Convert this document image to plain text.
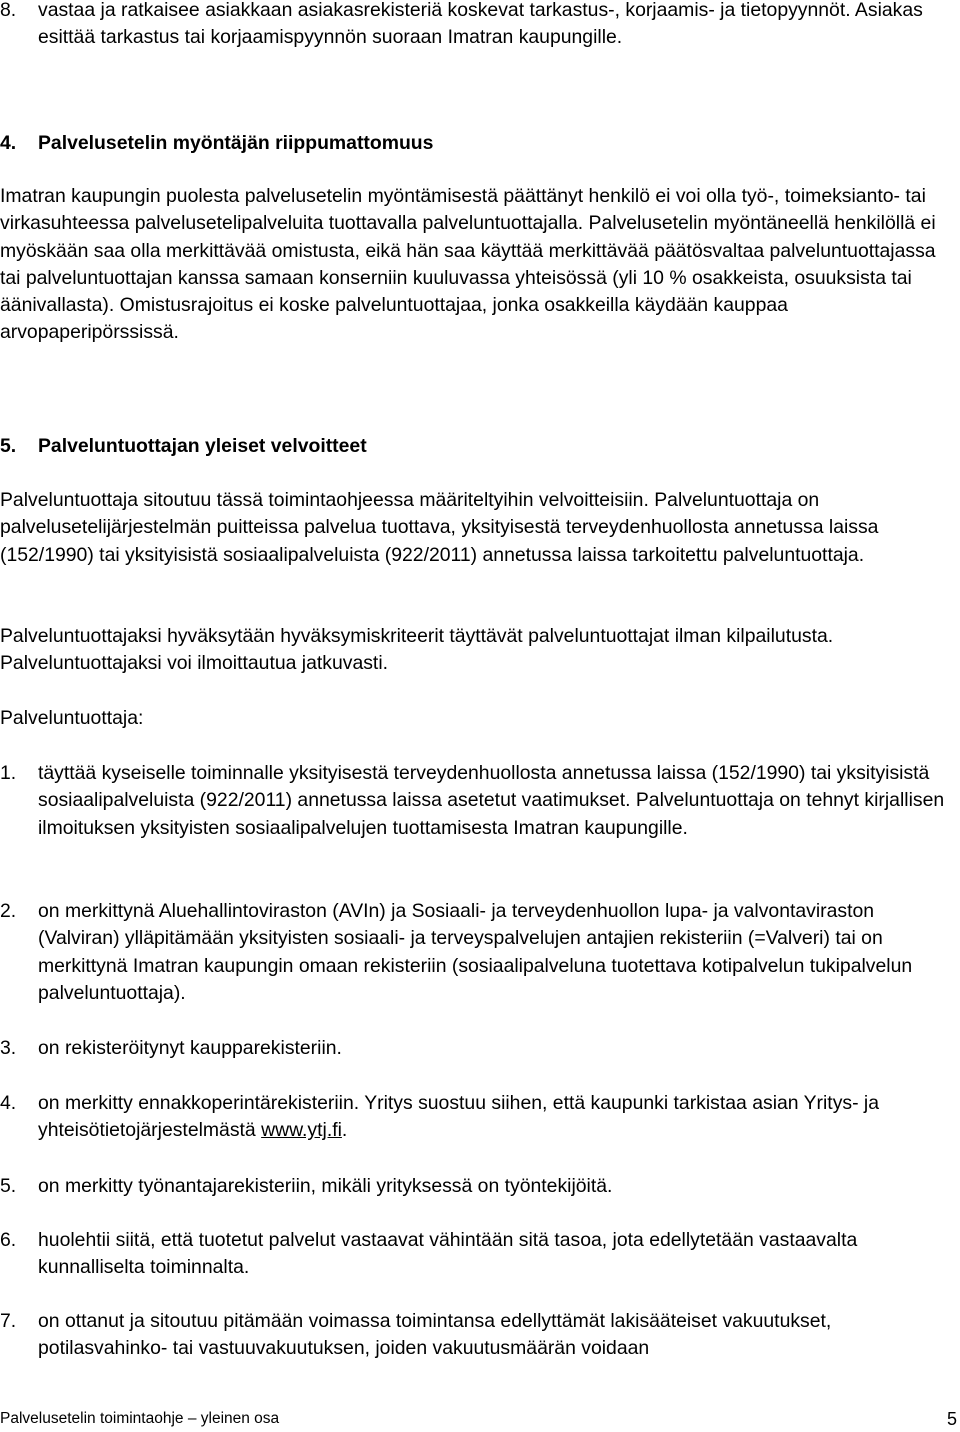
8. vastaa ja ratkaisee asiakkaan asiakasrekisteriä koskevat tarkastus-, korjaamis- ja tietopyynnöt. Asiakas esittää tarkastus tai korjaamispyynnön suoraan Imatran kaupungille.
4. Palvelusetelin myöntäjän riippumattomuus

Imatran kaupungin puolesta palvelusetelin myöntämisestä päättänyt henkilö ei voi olla työ-, toimeksianto- tai virkasuhteessa palvelusetelipalveluita tuottavalla palveluntuottajalla. Palvelusetelin myöntäneellä henkilöllä ei myöskään saa olla merkittävää omistusta, eikä hän saa käyttää merkittävää päätösvaltaa palveluntuottajassa tai palveluntuottajan kanssa samaan konserniin kuuluvassa yhteisössä (yli 10 % osakkeista, osuuksista tai äänivallasta). Omistusrajoitus ei koske palveluntuottajaa, jonka osakkeilla käydään kauppaa arvopaperipörssissä.

5. Palveluntuottajan yleiset velvoitteet

Palveluntuottaja sitoutuu tässä toimintaohjeessa määriteltyihin velvoitteisiin. Palveluntuottaja on palvelusetelijärjestelmän puitteissa palvelua tuottava, yksityisestä terveydenhuollosta annetussa laissa (152/1990) tai yksityisistä sosiaalipalveluista (922/2011) annetussa laissa tarkoitettu palveluntuottaja.

Palveluntuottajaksi hyväksytään hyväksymiskriteerit täyttävät palveluntuottajat ilman kilpailutusta. Palveluntuottajaksi voi ilmoittautua jatkuvasti.

Palveluntuottaja:
1. täyttää kyseiselle toiminnalle yksityisestä terveydenhuollosta annetussa laissa (152/1990) tai yksityisistä sosiaalipalveluista (922/2011) annetussa laissa asetetut vaatimukset. Palveluntuottaja on tehnyt kirjallisen ilmoituksen yksityisten sosiaalipalvelujen tuottamisesta Imatran kaupungille.
2. on merkittynä Aluehallintoviraston (AVIn) ja Sosiaali- ja terveydenhuollon lupa- ja valvontaviraston (Valviran) ylläpitämään yksityisten sosiaali- ja terveyspalvelujen antajien rekisteriin (=Valveri) tai on merkittynä Imatran kaupungin omaan rekisteriin (sosiaalipalveluna tuotettava kotipalvelun tukipalvelun palveluntuottaja).
3. on rekisteröitynyt kaupparekisteriin.
4. on merkitty ennakkoperintärekisteriin. Yritys suostuu siihen, että kaupunki tarkistaa asian Yritys- ja yhteisötietojärjestelmästä www.ytj.fi.
5. on merkitty työnantajarekisteriin, mikäli yrityksessä on työntekijöitä.
6. huolehtii siitä, että tuotetut palvelut vastaavat vähintään sitä tasoa, jota edellytetään vastaavalta kunnalliselta toiminnalta.
7. on ottanut ja sitoutuu pitämään voimassa toimintansa edellyttämät lakisääteiset vakuutukset, potilasvahinko- tai vastuuvakuutuksen, joiden vakuutusmäärän voidaan
Palvelusetelin toimintaohje – yleinen osa	5
